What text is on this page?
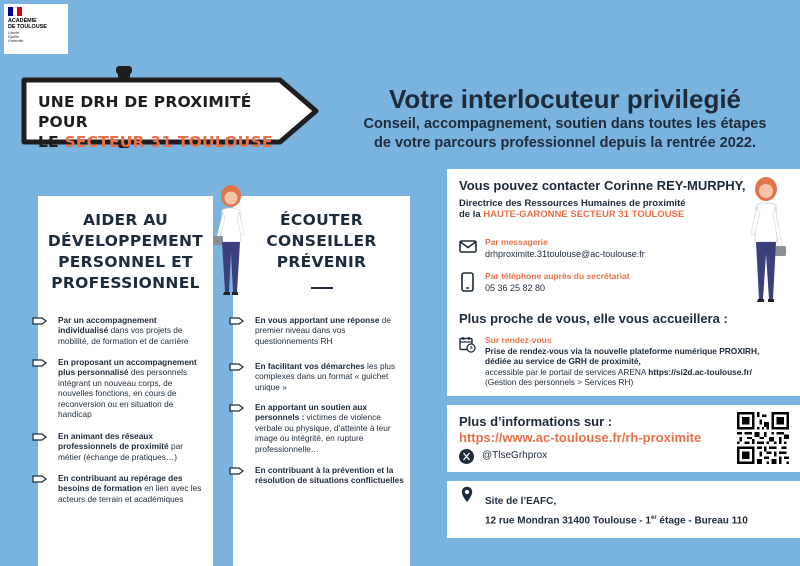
ACADÉMIE
DE TOULOUSE
Liberté
Égalité
Fraternité
UNE DRH DE PROXIMITÉ POUR
LE SECTEUR 31 TOULOUSE
Votre interlocuteur privilegié
Conseil, accompagnement, soutien dans toutes les étapes
de votre parcours professionnel depuis la rentrée 2022.
AIDER AU
DÉVELOPPEMENT
PERSONNEL ET
PROFESSIONNEL
ÉCOUTER
CONSEILLER
PRÉVENIR
Par un accompagnement individualisé dans vos projets de mobilité, de formation et de carrière
En proposant un accompagnement plus personnalisé des personnels intégrant un nouveau corps, de nouvelles fonctions, en cours de reconversion ou en situation de handicap
En animant des réseaux professionnels de proximité par métier (échange de pratiques…)
En contribuant au repérage des besoins de formation en lien avec les acteurs de terrain et académiques
En vous apportant une réponse de premier niveau dans vos questionnements RH
En facilitant vos démarches les plus complexes dans un format « guichet unique »
En apportant un soutien aux personnels : victimes de violence verbale ou physique, d’atteinte à leur image ou intégrité, en rupture professionnelle…
En contribuant à la prévention et la résolution de situations conflictuelles
Vous pouvez contacter Corinne REY-MURPHY,
Directrice des Ressources Humaines de proximité
de la HAUTE-GARONNE SECTEUR 31 TOULOUSE
Par messagerie
drhproximite.31toulouse@ac-toulouse.fr
Par téléphone auprès du secrétariat
05 36 25 82 80
Plus proche de vous, elle vous accueillera :
Sur rendez-vous
Prise de rendez-vous via la nouvelle plateforme numérique PROXIRH,
dédiée au service de GRH de proximité,
accessible par le portail de services ARENA https://si2d.ac-toulouse.fr/
(Gestion des personnels > Services RH)
Plus d’informations sur :
https://www.ac-toulouse.fr/rh-proximite
@TlseGrhprox
Site de l’EAFC,
12 rue Mondran 31400 Toulouse - 1er étage - Bureau 110
